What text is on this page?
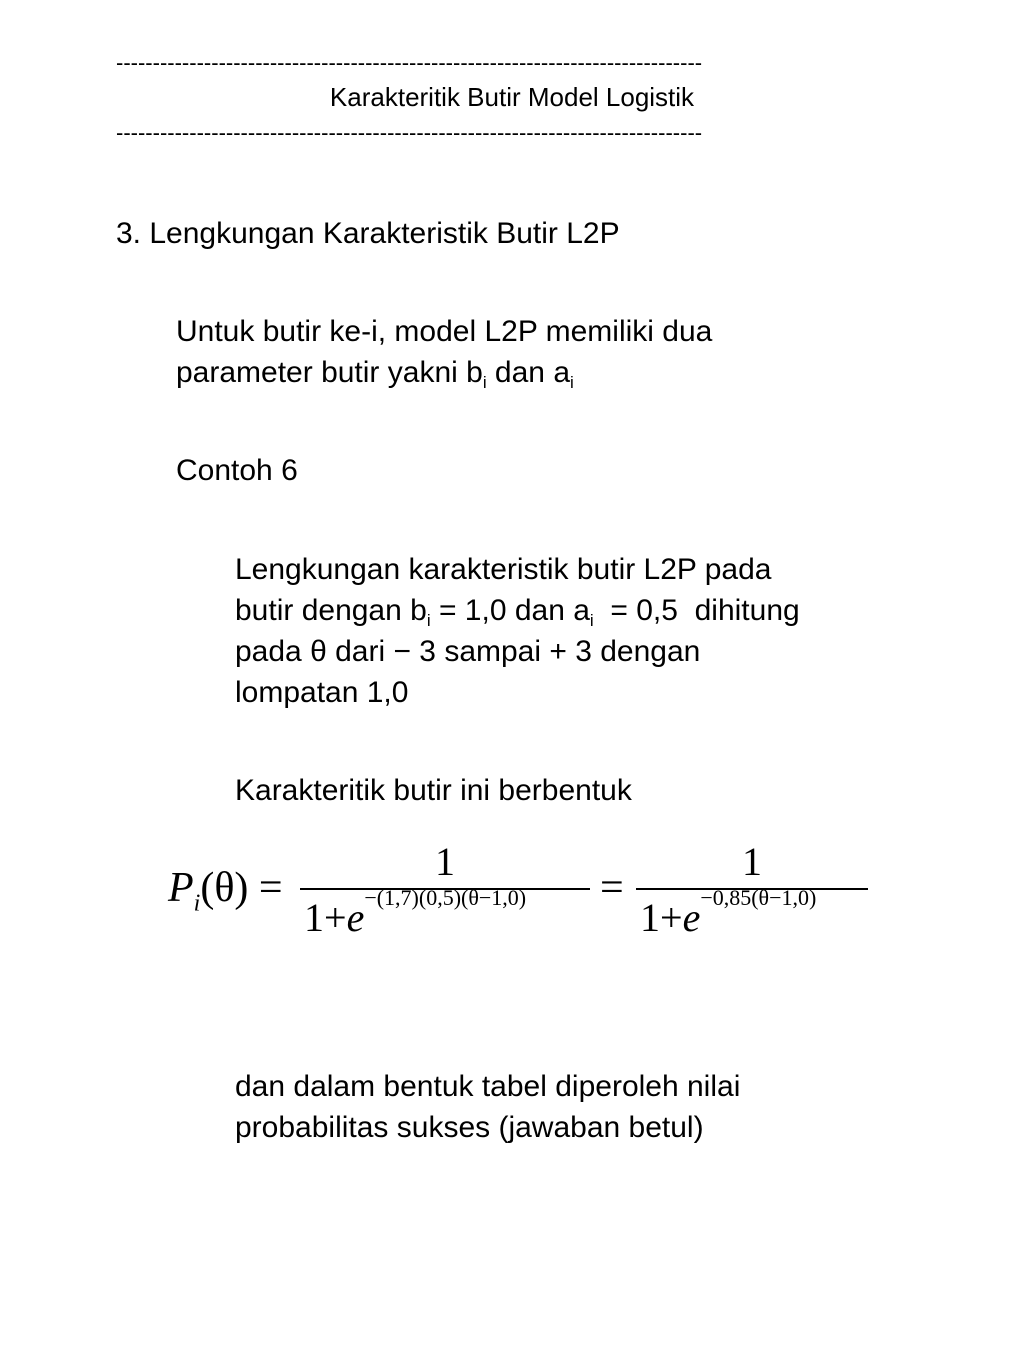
--------------------------------------------------------------------------------
Karakteritik Butir Model Logistik
--------------------------------------------------------------------------------
3. Lengkungan Karakteristik Butir L2P
Untuk butir ke-i, model L2P memiliki dua
parameter butir yakni $b_i$ dan $a_i$
Contoh 6
Lengkungan karakteristik butir L2P pada
butir dengan $b_i = 1,0$ dan $a_i = 0,5$  dihitung
pada θ dari − 3 sampai + 3 dengan
lompatan 1,0
Karakteritik butir ini berbentuk
$P_i(\theta)$ =
1
$1+e^{-(1,7)(0,5)(\theta-1,0)}$	=
1
$1+e^{-0,85(\theta-1,0)}$
dan dalam bentuk tabel diperoleh nilai
probabilitas sukses (jawaban betul)
